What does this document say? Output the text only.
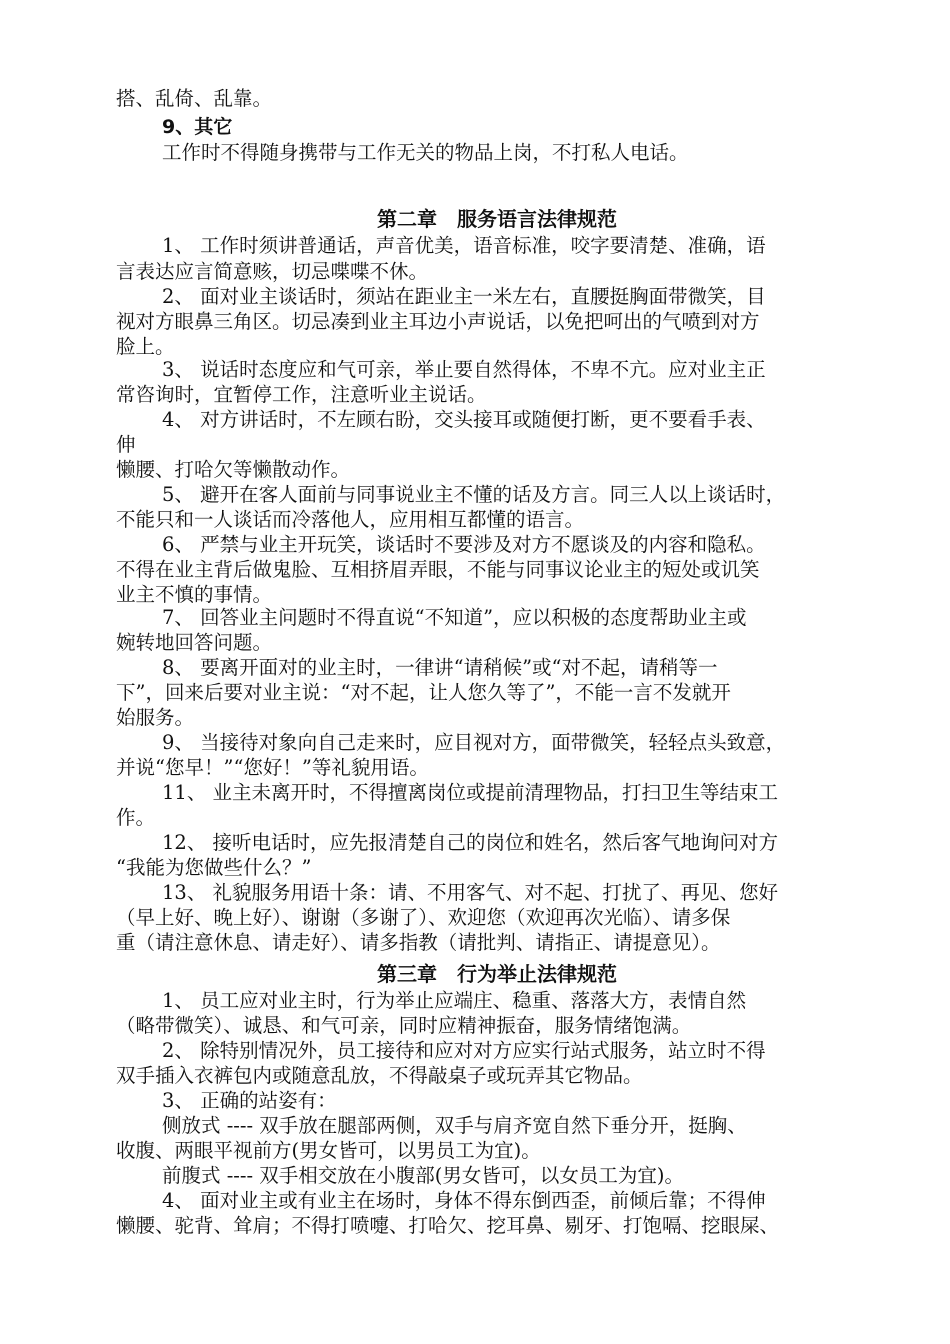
搭、乱倚、乱靠。
9、其它
工作时不得随身携带与工作无关的物品上岗，不打私人电话。
第二章　服务语言法律规范
1、 工作时须讲普通话，声音优美，语音标准，咬字要清楚、准确，语
言表达应言简意赅，切忌喋喋不休。
2、 面对业主谈话时，须站在距业主一米左右，直腰挺胸面带微笑，目
视对方眼鼻三角区。切忌凑到业主耳边小声说话，以免把呵出的气喷到对方
脸上。
3、 说话时态度应和气可亲，举止要自然得体，不卑不亢。应对业主正
常咨询时，宜暂停工作，注意听业主说话。
4、 对方讲话时，不左顾右盼，交头接耳或随便打断，更不要看手表、
伸
懒腰、打哈欠等懒散动作。
5、 避开在客人面前与同事说业主不懂的话及方言。同三人以上谈话时，
不能只和一人谈话而冷落他人，应用相互都懂的语言。
6、 严禁与业主开玩笑，谈话时不要涉及对方不愿谈及的内容和隐私。
不得在业主背后做鬼脸、互相挤眉弄眼，不能与同事议论业主的短处或讥笑
业主不慎的事情。
7、 回答业主问题时不得直说“不知道”，应以积极的态度帮助业主或
婉转地回答问题。
8、 要离开面对的业主时，一律讲“请稍候”或“对不起，请稍等一
下”，回来后要对业主说：“对不起，让人您久等了”，不能一言不发就开
始服务。
9、 当接待对象向自己走来时，应目视对方，面带微笑，轻轻点头致意，
并说“您早！”“您好！”等礼貌用语。
11、 业主未离开时，不得擅离岗位或提前清理物品，打扫卫生等结束工
作。
12、 接听电话时，应先报清楚自己的岗位和姓名，然后客气地询问对方
“我能为您做些什么？”
13、 礼貌服务用语十条：请、不用客气、对不起、打扰了、再见、您好
（早上好、晚上好）、谢谢（多谢了）、欢迎您（欢迎再次光临）、请多保
重（请注意休息、请走好）、请多指教（请批判、请指正、请提意见）。
第三章　行为举止法律规范
1、 员工应对业主时，行为举止应端庄、稳重、落落大方，表情自然
（略带微笑）、诚恳、和气可亲，同时应精神振奋，服务情绪饱满。
2、 除特别情况外，员工接待和应对对方应实行站式服务，站立时不得
双手插入衣裤包内或随意乱放，不得敲桌子或玩弄其它物品。
3、 正确的站姿有：
侧放式 ---- 双手放在腿部两侧，双手与肩齐宽自然下垂分开，挺胸、
收腹、两眼平视前方(男女皆可，以男员工为宜)。
前腹式 ---- 双手相交放在小腹部(男女皆可，以女员工为宜)。
4、 面对业主或有业主在场时，身体不得东倒西歪，前倾后靠；不得伸
懒腰、驼背、耸肩；不得打喷嚏、打哈欠、挖耳鼻、剔牙、打饱嗝、挖眼屎、
